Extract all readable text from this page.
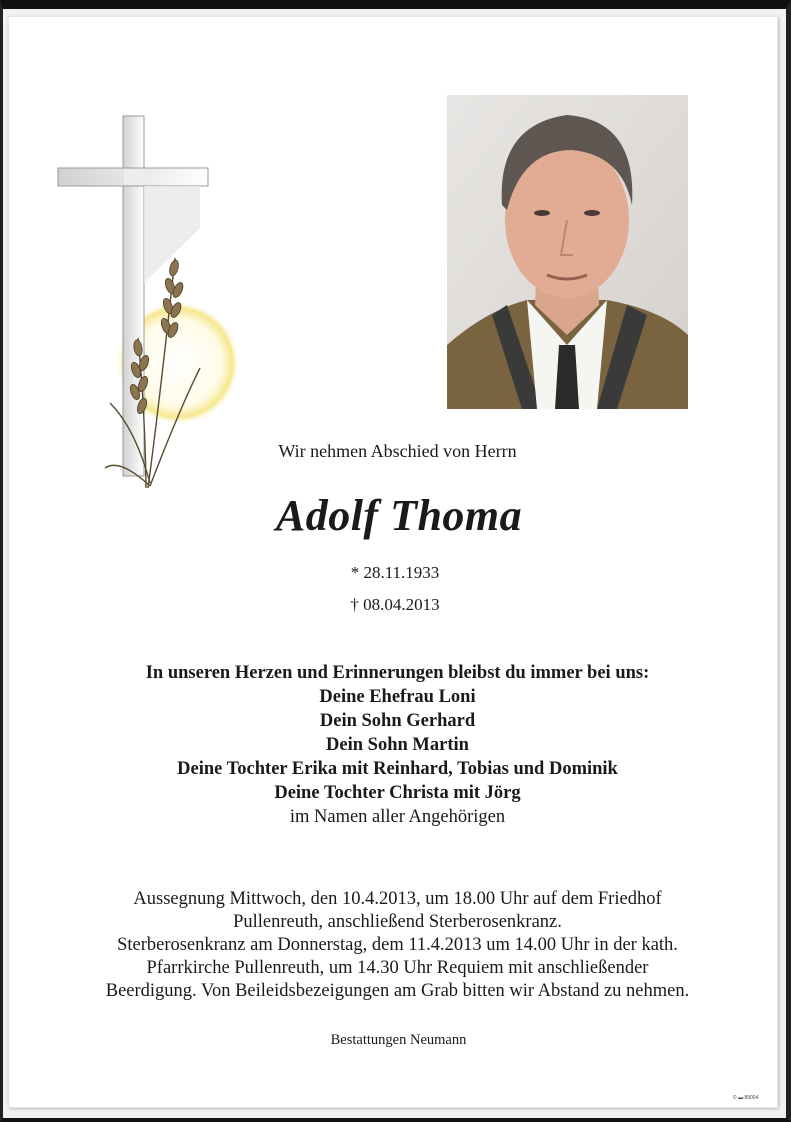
Wir nehmen Abschied von Herrn
Adolf Thoma
* 28.11.1933
† 08.04.2013
In unseren Herzen und Erinnerungen bleibst du immer bei uns:
Deine Ehefrau Loni
Dein Sohn Gerhard
Dein Sohn Martin
Deine Tochter Erika mit Reinhard, Tobias und Dominik
Deine Tochter Christa mit Jörg
im Namen aller Angehörigen
Aussegnung Mittwoch, den 10.4.2013, um 18.00 Uhr auf dem Friedhof
Pullenreuth, anschließend Sterberosenkranz.
Sterberosenkranz am Donnerstag, dem 11.4.2013 um 14.00 Uhr in der kath.
Pfarrkirche Pullenreuth, um 14.30 Uhr Requiem mit anschließender
Beerdigung. Von Beileidsbezeigungen am Grab bitten wir Abstand zu nehmen.
Bestattungen Neumann
© ▬ 89004
